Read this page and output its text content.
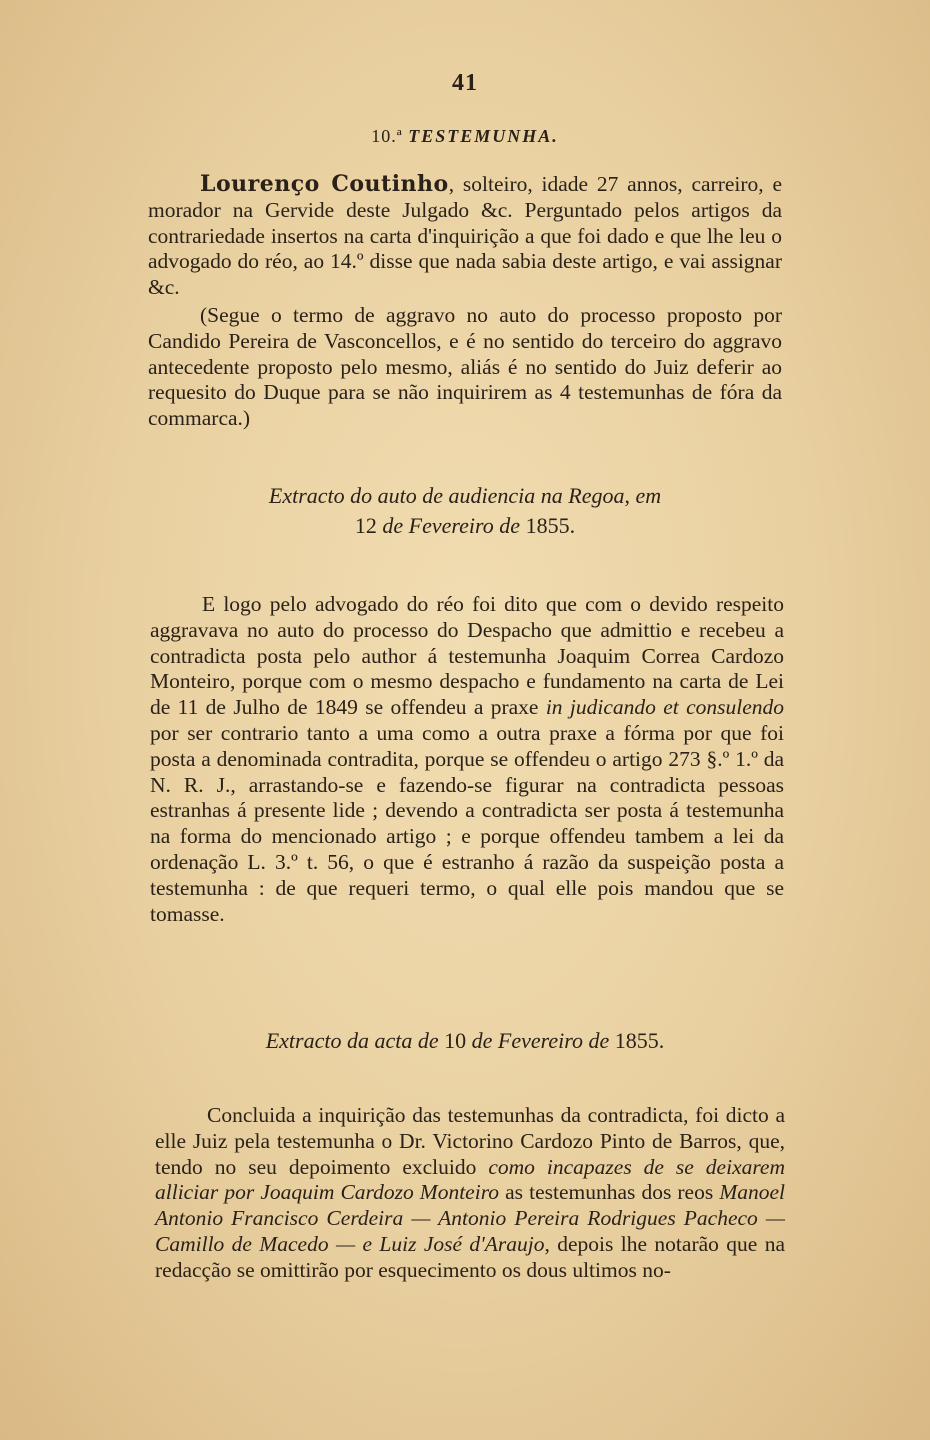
41
10.ª TESTEMUNHA.

Lourenço Coutinho, solteiro, idade 27 annos, carreiro, e morador na Gervide deste Julgado &c. Perguntado pelos artigos da contrariedade insertos na carta d'inquirição a que foi dado e que lhe leu o advogado do réo, ao 14.º disse que nada sabia deste artigo, e vai assignar &c.

(Segue o termo de aggravo no auto do processo proposto por Candido Pereira de Vasconcellos, e é no sentido do terceiro do aggravo antecedente proposto pelo mesmo, aliás é no sentido do Juiz deferir ao requesito do Duque para se não inquirirem as 4 testemunhas de fóra da commarca.)

Extracto do auto de audiencia na Regoa, em
12 de Fevereiro de 1855.

E logo pelo advogado do réo foi dito que com o devido respeito aggravava no auto do processo do Despacho que admittio e recebeu a contradicta posta pelo author á testemunha Joaquim Correa Cardozo Monteiro, porque com o mesmo despacho e fundamento na carta de Lei de 11 de Julho de 1849 se offendeu a praxe in judicando et consulendo por ser contrario tanto a uma como a outra praxe a fórma por que foi posta a denominada contradita, porque se offendeu o artigo 273 §.º 1.º da N. R. J., arrastando-se e fazendo-se figurar na contradicta pessoas estranhas á presente lide ; devendo a contradicta ser posta á testemunha na forma do mencionado artigo ; e porque offendeu tambem a lei da ordenação L. 3.º t. 56, o que é estranho á razão da suspeição posta a testemunha : de que requeri termo, o qual elle pois mandou que se tomasse.

Extracto da acta de 10 de Fevereiro de 1855.

Concluida a inquirição das testemunhas da contradicta, foi dicto a elle Juiz pela testemunha o Dr. Victorino Cardozo Pinto de Barros, que, tendo no seu depoimento excluido como incapazes de se deixarem alliciar por Joaquim Cardozo Monteiro as testemunhas dos reos Manoel Antonio Francisco Cerdeira — Antonio Pereira Rodrigues Pacheco — Camillo de Macedo — e Luiz José d'Araujo, depois lhe notarão que na redacção se omittirão por esquecimento os dous ultimos no-
